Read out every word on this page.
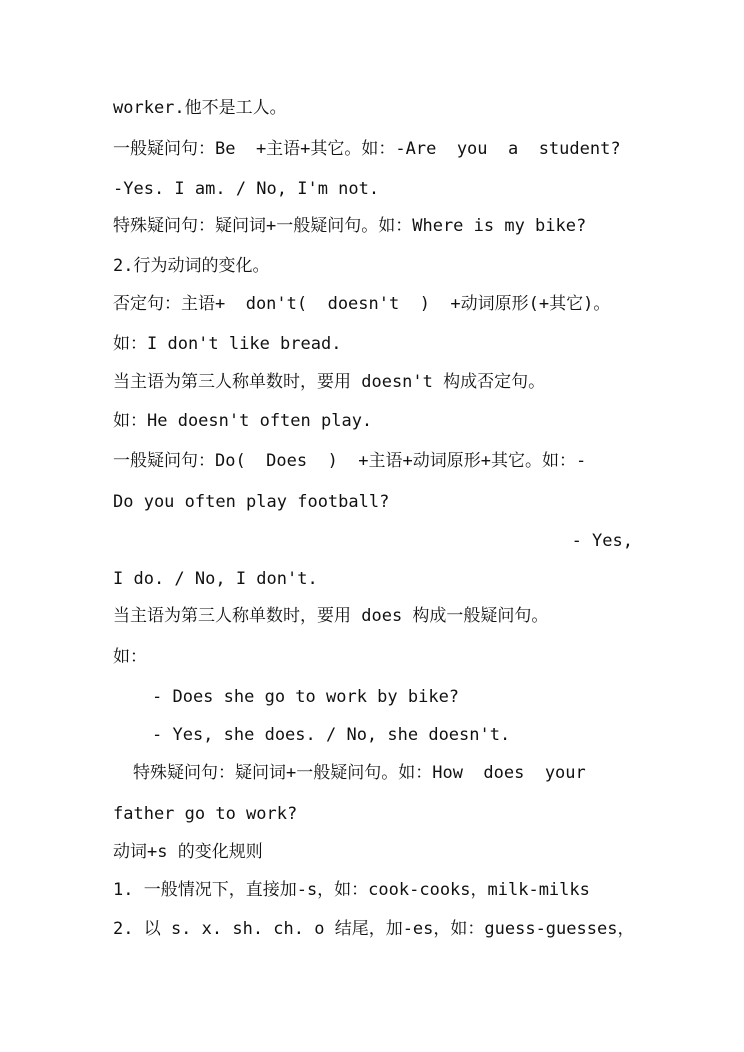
worker.他不是工人。
一般疑问句：Be  +主语+其它。如：-Are  you  a  student?
-Yes. I am. / No, I'm not.
特殊疑问句：疑问词+一般疑问句。如：Where is my bike?
2.行为动词的变化。
否定句：主语+  don't(  doesn't  )  +动词原形(+其它)。
如：I don't like bread.
当主语为第三人称单数时，要用 doesn't 构成否定句。
如：He doesn't often play.
一般疑问句：Do(  Does  )  +主语+动词原形+其它。如：-
Do you often play football?
- Yes,
I do. / No, I don't.
当主语为第三人称单数时，要用 does 构成一般疑问句。
如：
- Does she go to work by bike?
- Yes, she does. / No, she doesn't.
特殊疑问句：疑问词+一般疑问句。如：How  does  your
father go to work?
动词+s 的变化规则
1. 一般情况下，直接加-s，如：cook-cooks，milk-milks
2. 以 s. x. sh. ch. o 结尾，加-es，如：guess-guesses，
